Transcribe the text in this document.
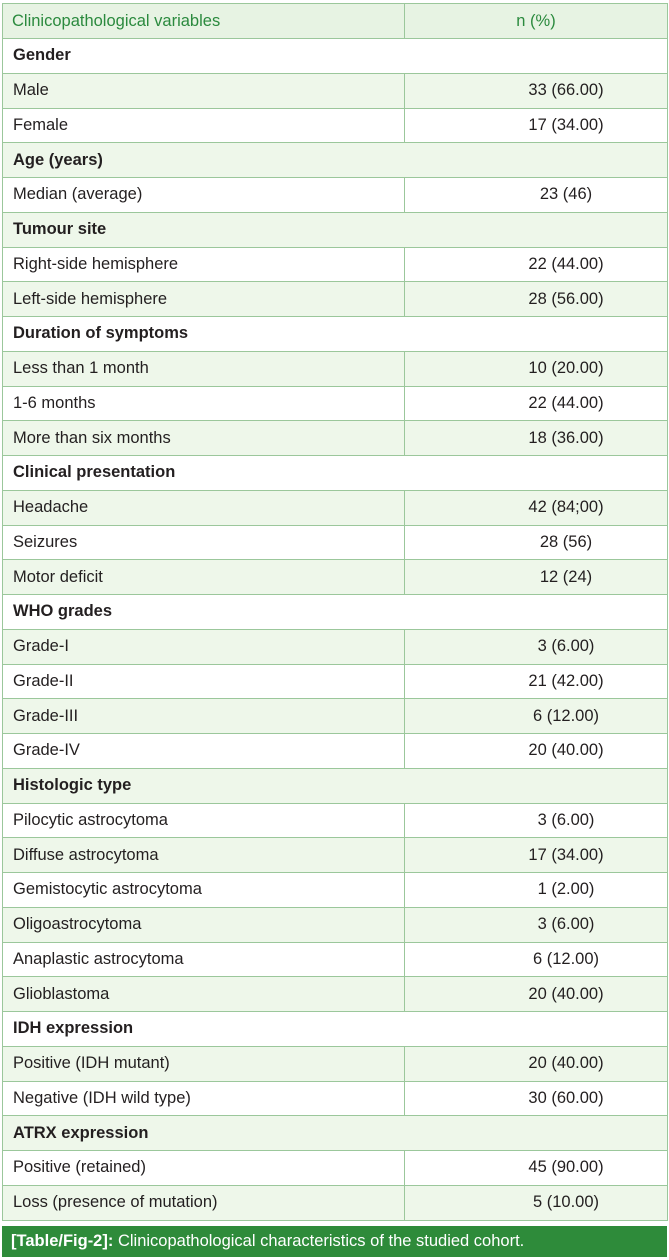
Clinicopathological variables	n (%)
Gender	
Male	33 (66.00)
Female	17 (34.00)
Age (years)	
Median (average)	23 (46)
Tumour site	
Right-side hemisphere	22 (44.00)
Left-side hemisphere	28 (56.00)
Duration of symptoms	
Less than 1 month	10 (20.00)
1-6 months	22 (44.00)
More than six months	18 (36.00)
Clinical presentation	
Headache	42 (84;00)
Seizures	28 (56)
Motor deficit	12 (24)
WHO grades	
Grade-I	3 (6.00)
Grade-II	21 (42.00)
Grade-III	6 (12.00)
Grade-IV	20 (40.00)
Histologic type	
Pilocytic astrocytoma	3 (6.00)
Diffuse astrocytoma	17 (34.00)
Gemistocytic astrocytoma	1 (2.00)
Oligoastrocytoma	3 (6.00)
Anaplastic astrocytoma	6 (12.00)
Glioblastoma	20 (40.00)
IDH expression	
Positive (IDH mutant)	20 (40.00)
Negative (IDH wild type)	30 (60.00)
ATRX expression	
Positive (retained)	45 (90.00)
Loss (presence of mutation)	5 (10.00)
[Table/Fig-2]: Clinicopathological characteristics of the studied cohort.
